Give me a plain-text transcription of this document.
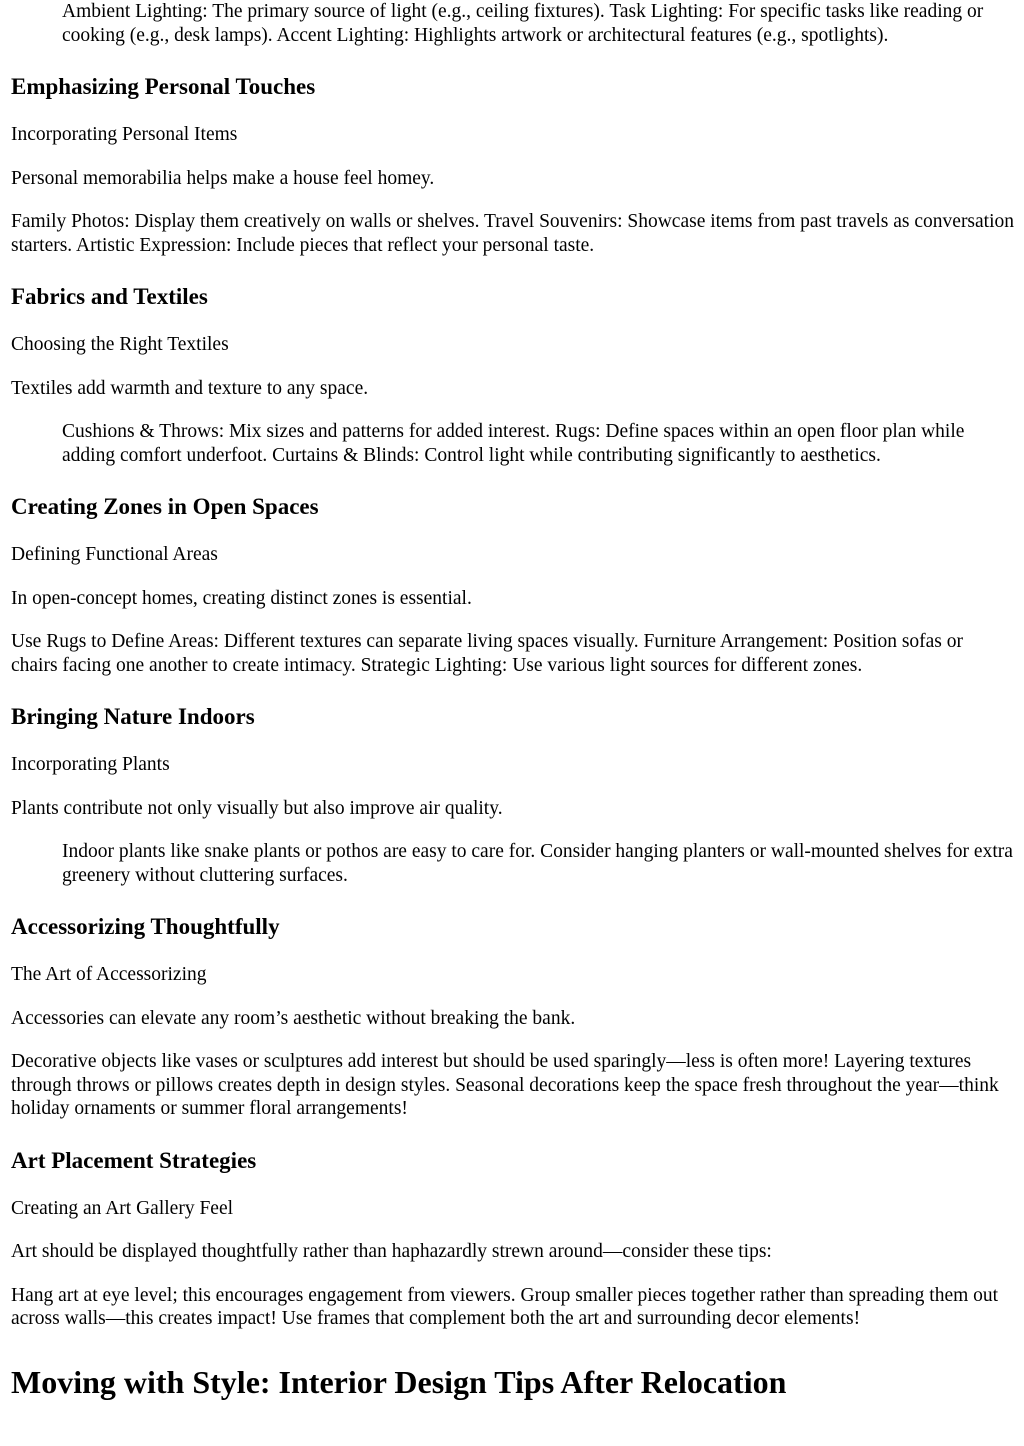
Ambient Lighting: The primary source of light (e.g., ceiling fixtures). Task Lighting: For specific tasks like reading or cooking (e.g., desk lamps). Accent Lighting: Highlights artwork or architectural features (e.g., spotlights).

Emphasizing Personal Touches

Incorporating Personal Items

Personal memorabilia helps make a house feel homey.

Family Photos: Display them creatively on walls or shelves. Travel Souvenirs: Showcase items from past travels as conversation starters. Artistic Expression: Include pieces that reflect your personal taste.

Fabrics and Textiles

Choosing the Right Textiles

Textiles add warmth and texture to any space.

Cushions & Throws: Mix sizes and patterns for added interest. Rugs: Define spaces within an open floor plan while adding comfort underfoot. Curtains & Blinds: Control light while contributing significantly to aesthetics.

Creating Zones in Open Spaces

Defining Functional Areas

In open-concept homes, creating distinct zones is essential.

Use Rugs to Define Areas: Different textures can separate living spaces visually. Furniture Arrangement: Position sofas or chairs facing one another to create intimacy. Strategic Lighting: Use various light sources for different zones.

Bringing Nature Indoors

Incorporating Plants

Plants contribute not only visually but also improve air quality.

Indoor plants like snake plants or pothos are easy to care for. Consider hanging planters or wall-mounted shelves for extra greenery without cluttering surfaces.

Accessorizing Thoughtfully

The Art of Accessorizing

Accessories can elevate any room’s aesthetic without breaking the bank.

Decorative objects like vases or sculptures add interest but should be used sparingly—less is often more! Layering textures through throws or pillows creates depth in design styles. Seasonal decorations keep the space fresh throughout the year—think holiday ornaments or summer floral arrangements!

Art Placement Strategies

Creating an Art Gallery Feel

Art should be displayed thoughtfully rather than haphazardly strewn around—consider these tips:

Hang art at eye level; this encourages engagement from viewers. Group smaller pieces together rather than spreading them out across walls—this creates impact! Use frames that complement both the art and surrounding decor elements!

Moving with Style: Interior Design Tips After Relocation
